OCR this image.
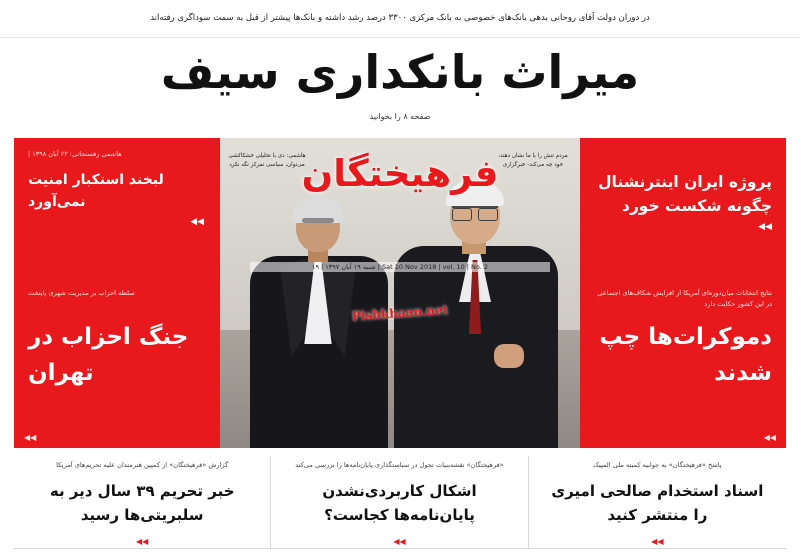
در دوران دولت آقای روحانی بدهی بانک‌های خصوصی به بانک مرکزی ۳۳۰۰ درصد رشد داشته و بانک‌ها پیشتر از قبل به سمت سوداگری رفته‌اند
میراث بانکداری سیف
صفحه ۸ را بخوانید
هاشمی: دی با تحلیلی خشکاکشی می‌توان، سیاسی تمرکز نگه نکرد
مردم تنش را با ما نشان دهند، خود چه می‌کند- خبرگزاری
فرهیختگان
۱۹ | شنبه ۱۹ آبان ۱۳۹۷ | Sat 10 Nov 2018 | vol. 10 | No. 2
Pishkhaan.net

پروژه ایران اینترنشنال چگونه شکست خورد
◀◀
نتایج انتخابات میان‌دوره‌ای آمریکا از افزایش شکاف‌های اجتماعی در این کشور حکایت دارد
دموکرات‌ها چپ شدند
◀◀
هاشمی رفسنجانی: ۲۲ آبان ۱۳۹۸ |
لبخند استکبار امنیت نمی‌آورد
◀◀
سلطه احزاب بر مدیریت شهری پایتخت
جنگ احزاب در تهران
◀◀
پاسخ «فرهیختگان» به جوابیه کمیته ملی المپیک
اسناد استخدام صالحی امیری را منتشر کنید
◀◀
«فرهیختگان» نقشه‌بنیات تحول در سیاستگذاری پایان‌نامه‌ها را بررسی می‌کند
اشکال کاربردی‌نشدن پایان‌نامه‌ها کجاست؟
◀◀
گزارش «فرهیختگان» از کمپین هنرمندان علیه تحریم‌های آمریکا
خبر تحریم ۳۹ سال دیر به سلبریتی‌ها رسید
◀◀
